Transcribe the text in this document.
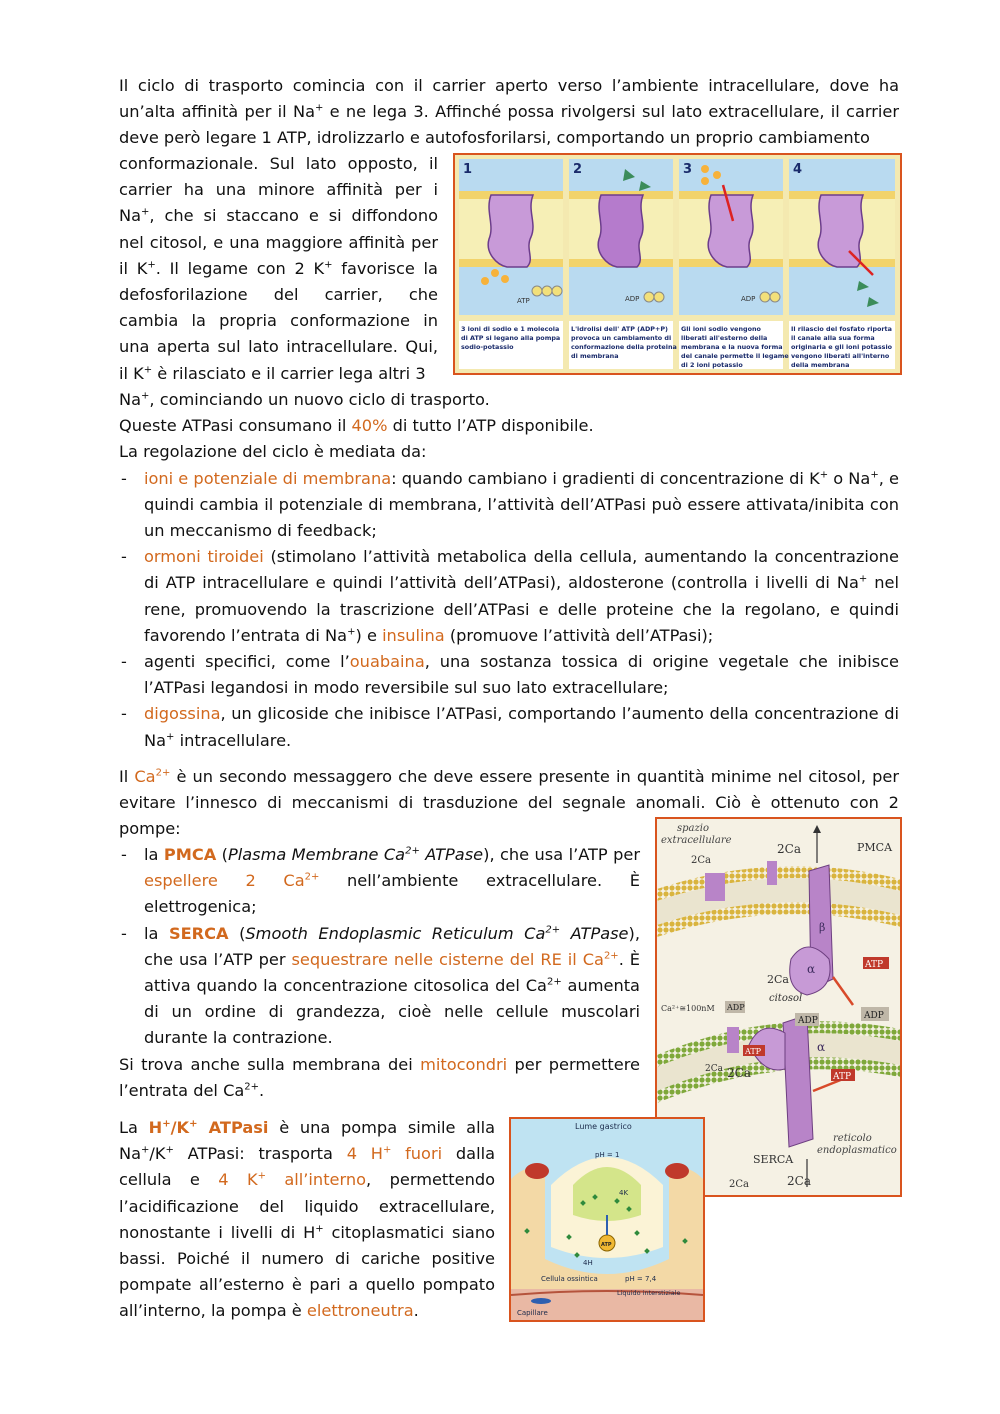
Il ciclo di trasporto comincia con il carrier aperto verso l’ambiente intracellulare, dove ha un’alta affinità per il Na+ e ne lega 3. Affinché possa rivolgersi sul lato extracellulare, il carrier deve però legare 1 ATP, idrolizzarlo e autofosforilarsi, comportando un proprio cambiamento
conformazionale. Sul lato opposto, il carrier ha una minore affinità per i Na+, che si staccano e si diffondono nel citosol, e una maggiore affinità per il K+. Il legame con 2 K+ favorisce la defosforilazione del carrier, che cambia la propria conformazione in una aperta sul lato intracellulare. Qui, il K+ è rilasciato e il carrier lega altri 3
1
ATP
2
ADP
3
ADP
4
3 ioni di sodio e 1 molecola
di ATP si legano alla pompa
sodio-potassio
L'idrolisi dell' ATP (ADP+P)
provoca un cambiamento di
conformazione della proteina
di membrana
Gli ioni sodio vengono
liberati all'esterno della
membrana e la nuova forma
del canale permette il legame
di 2 ioni potassio
Il rilascio del fosfato riporta
il canale alla sua forma
originaria e gli ioni potassio
vengono liberati all'interno
della membrana

Na+, cominciando un nuovo ciclo di trasporto.

Queste ATPasi consumano il 40% di tutto l’ATP disponibile.

La regolazione del ciclo è mediata da:

- ioni e potenziale di membrana: quando cambiano i gradienti di concentrazione di K+ o Na+, e quindi cambia il potenziale di membrana, l’attività dell’ATPasi può essere attivata/inibita con un meccanismo di feedback;
- ormoni tiroidei (stimolano l’attività metabolica della cellula, aumentando la concentrazione di ATP intracellulare e quindi l’attività dell’ATPasi), aldosterone (controlla i livelli di Na+ nel rene, promuovendo la trascrizione dell’ATPasi e delle proteine che la regolano, e quindi favorendo l’entrata di Na+) e insulina (promuove l’attività dell’ATPasi);
- agenti specifici, come l’ouabaina, una sostanza tossica di origine vegetale che inibisce l’ATPasi legandosi in modo reversibile sul suo lato extracellulare;
- digossina, un glicoside che inibisce l’ATPasi, comportando l’aumento della concentrazione di Na+ intracellulare.
Il $Ca^{2+}$ è un secondo messaggero che deve essere presente in quantità minime nel citosol, per evitare l’innesco di meccanismi di trasduzione del segnale anomali. Ciò è ottenuto con 2 pompe:
- la PMCA (Plasma Membrane $Ca^{2+}$ ATPase), che usa l’ATP per espellere 2 $Ca^{2+}$ nell’ambiente extracellulare. È elettrogenica;
- la SERCA (Smooth Endoplasmic Reticulum $Ca^{2+}$ ATPase), che usa l’ATP per sequestrare nelle cisterne del RE il $Ca^{2+}$. È attiva quando la concentrazione citosolica del $Ca^{2+}$ aumenta di un ordine di grandezza, cioè nelle cellule muscolari durante la contrazione.

Si trova anche sulla membrana dei mitocondri per permettere l’entrata del $Ca^{2+}$.

spazio
extracellulare
PMCA
2Ca
2Ca
2Ca
α
β
ATP
citosol
Ca²⁺≅100nM ADP
ADP	ADP
ATP
ATP
2Ca 2Ca
α
reticolo
endoplasmatico
SERCA
2Ca	2Ca
La H+/K+ ATPasi è una pompa simile alla Na+/K+ ATPasi: trasporta 4 H+ fuori dalla cellula e 4 K+ all’interno, permettendo l’acidificazione del liquido extracellulare, nonostante i livelli di H+ citoplasmatici siano bassi. Poiché il numero di cariche positive pompate all’esterno è pari a quello pompato all’interno, la pompa è elettroneutra.
Lume gastrico
pH = 1
4K
ATP
4H
Cellula ossintica	pH = 7,4
Liquido interstiziale
Capillare
